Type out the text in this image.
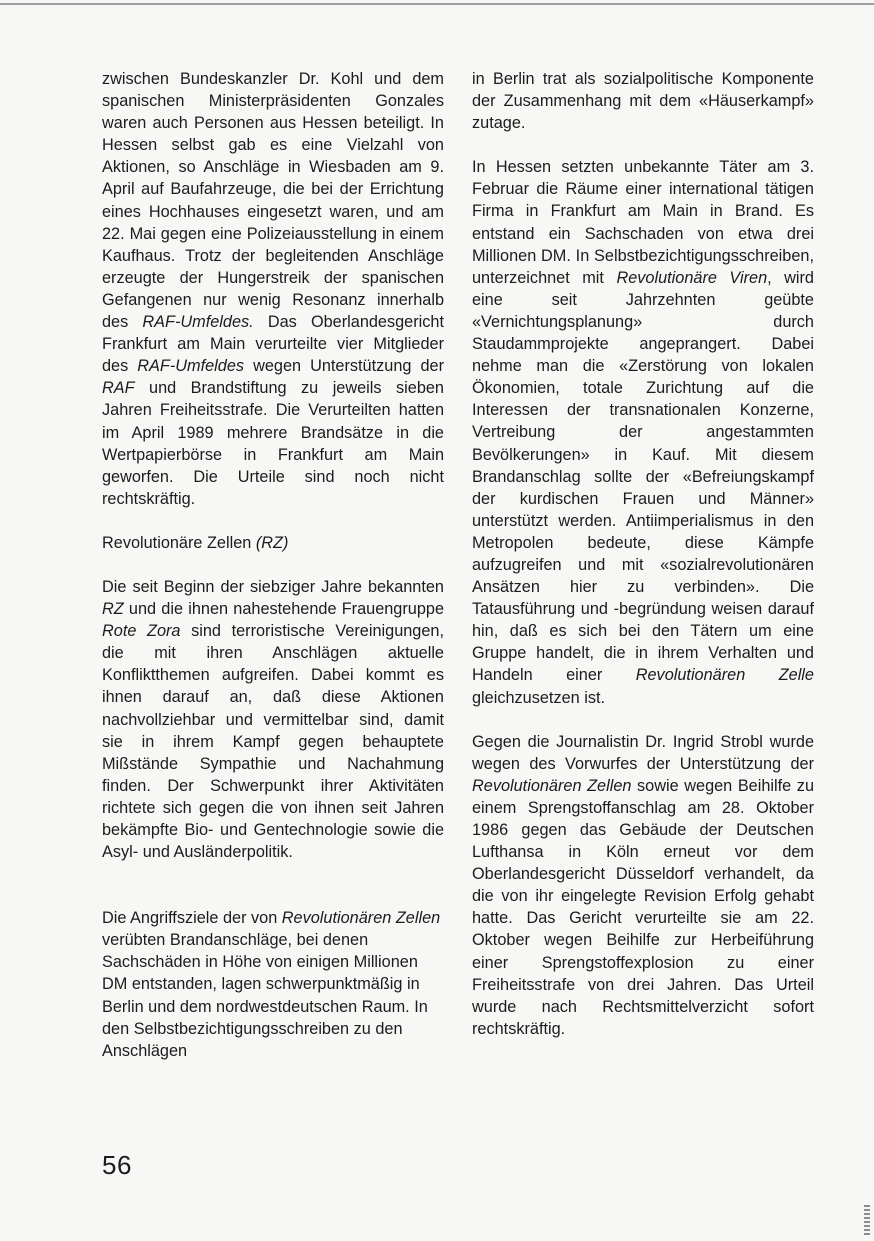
zwischen Bundeskanzler Dr. Kohl und dem spanischen Ministerpräsidenten Gonzales waren auch Personen aus Hessen beteiligt. In Hessen selbst gab es eine Vielzahl von Aktionen, so Anschläge in Wiesbaden am 9. April auf Baufahrzeuge, die bei der Errichtung eines Hochhauses eingesetzt waren, und am 22. Mai gegen eine Polizeiausstellung in einem Kaufhaus. Trotz der begleitenden Anschläge erzeugte der Hungerstreik der spanischen Gefangenen nur wenig Resonanz innerhalb des RAF-Umfeldes. Das Oberlandesgericht Frankfurt am Main verurteilte vier Mitglieder des RAF-Umfeldes wegen Unterstützung der RAF und Brandstiftung zu jeweils sieben Jahren Freiheitsstrafe. Die Verurteilten hatten im April 1989 mehrere Brandsätze in die Wertpapierbörse in Frankfurt am Main geworfen. Die Urteile sind noch nicht rechtskräftig.

Revolutionäre Zellen (RZ)

Die seit Beginn der siebziger Jahre bekannten RZ und die ihnen nahestehende Frauengruppe Rote Zora sind terroristische Vereinigungen, die mit ihren Anschlägen aktuelle Konfliktthemen aufgreifen. Dabei kommt es ihnen darauf an, daß diese Aktionen nachvollziehbar und vermittelbar sind, damit sie in ihrem Kampf gegen behauptete Mißstände Sympathie und Nachahmung finden. Der Schwerpunkt ihrer Aktivitäten richtete sich gegen die von ihnen seit Jahren bekämpfte Bio- und Gentechnologie sowie die Asyl- und Ausländerpolitik.

Die Angriffsziele der von Revolutionären Zellen verübten Brandanschläge, bei denen Sachschäden in Höhe von einigen Millionen DM entstanden, lagen schwerpunktmäßig in Berlin und dem nordwestdeutschen Raum. In den Selbstbezichtigungsschreiben zu den Anschlägen

in Berlin trat als sozialpolitische Komponente der Zusammenhang mit dem «Häuserkampf» zutage.

In Hessen setzten unbekannte Täter am 3. Februar die Räume einer international tätigen Firma in Frankfurt am Main in Brand. Es entstand ein Sachschaden von etwa drei Millionen DM. In Selbstbezichtigungsschreiben, unterzeichnet mit Revolutionäre Viren, wird eine seit Jahrzehnten geübte «Vernichtungsplanung» durch Staudammprojekte angeprangert. Dabei nehme man die «Zerstörung von lokalen Ökonomien, totale Zurichtung auf die Interessen der transnationalen Konzerne, Vertreibung der angestammten Bevölkerungen» in Kauf. Mit diesem Brandanschlag sollte der «Befreiungskampf der kurdischen Frauen und Männer» unterstützt werden. Antiimperialismus in den Metropolen bedeute, diese Kämpfe aufzugreifen und mit «sozialrevolutionären Ansätzen hier zu verbinden». Die Tatausführung und -begründung weisen darauf hin, daß es sich bei den Tätern um eine Gruppe handelt, die in ihrem Verhalten und Handeln einer Revolutionären Zelle gleichzusetzen ist.

Gegen die Journalistin Dr. Ingrid Strobl wurde wegen des Vorwurfes der Unterstützung der Revolutionären Zellen sowie wegen Beihilfe zu einem Sprengstoffanschlag am 28. Oktober 1986 gegen das Gebäude der Deutschen Lufthansa in Köln erneut vor dem Oberlandesgericht Düsseldorf verhandelt, da die von ihr eingelegte Revision Erfolg gehabt hatte. Das Gericht verurteilte sie am 22. Oktober wegen Beihilfe zur Herbeiführung einer Sprengstoffexplosion zu einer Freiheitsstrafe von drei Jahren. Das Urteil wurde nach Rechtsmittelverzicht sofort rechtskräftig.

56
